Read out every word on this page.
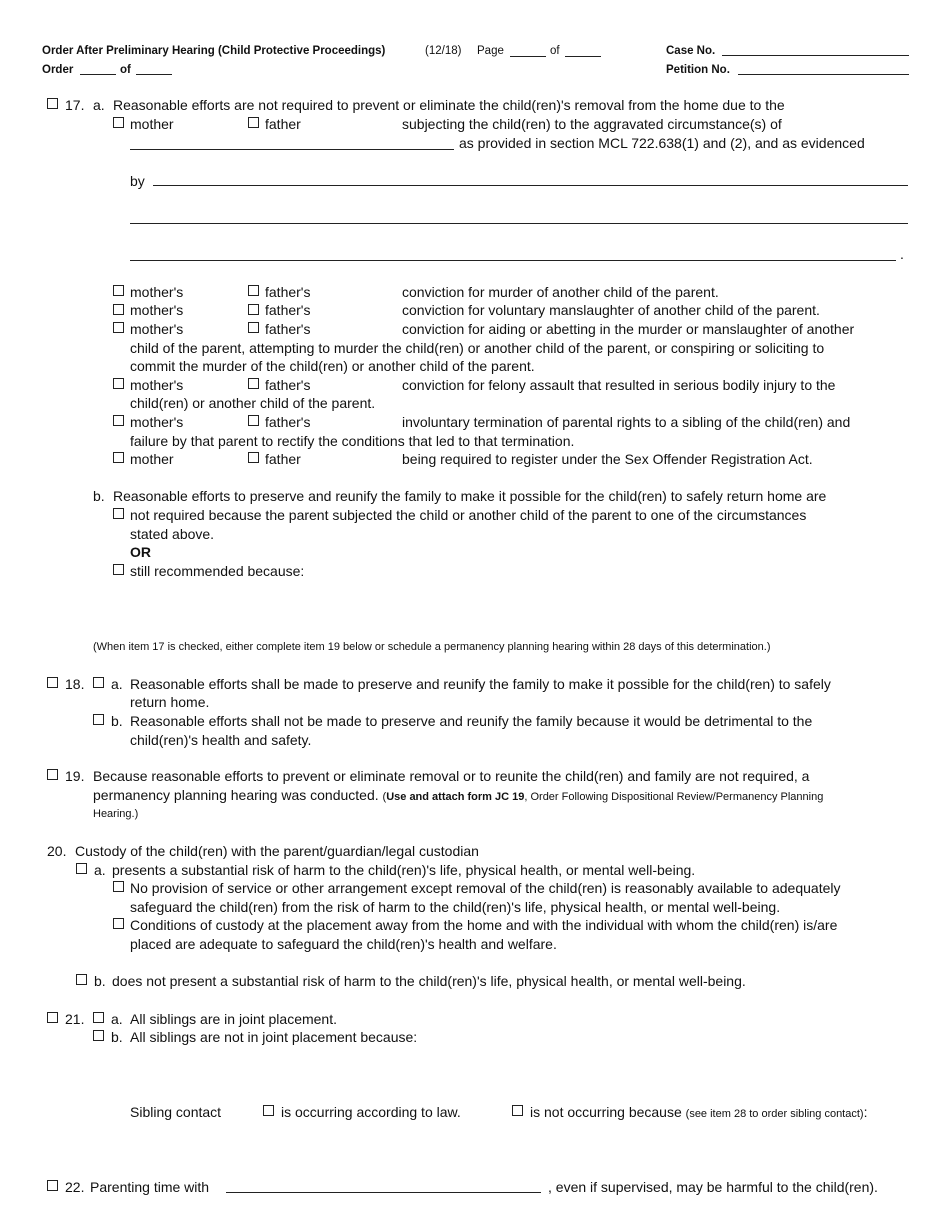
Order After Preliminary Hearing (Child Protective Proceedings)	(12/18) Page	of
Order	of
Case No.
Petition No.
17. a. Reasonable efforts are not required to prevent or eliminate the child(ren)'s removal from the home due to the
mother	father	subjecting the child(ren) to the aggravated circumstance(s) of
as provided in section MCL 722.638(1) and (2), and as evidenced
by
.
mother's	father's	conviction for murder of another child of the parent.
mother's	father's	conviction for voluntary manslaughter of another child of the parent.
mother's	father's	conviction for aiding or abetting in the murder or manslaughter of another
child of the parent, attempting to murder the child(ren) or another child of the parent, or conspiring or soliciting to
commit the murder of the child(ren) or another child of the parent.
mother's	father's	conviction for felony assault that resulted in serious bodily injury to the
child(ren) or another child of the parent.
mother's	father's	involuntary termination of parental rights to a sibling of the child(ren) and
failure by that parent to rectify the conditions that led to that termination.
mother	father	being required to register under the Sex Offender Registration Act.
b. Reasonable efforts to preserve and reunify the family to make it possible for the child(ren) to safely return home are
not required because the parent subjected the child or another child of the parent to one of the circumstances
stated above.
OR
still recommended because:
(When item 17 is checked, either complete item 19 below or schedule a permanency planning hearing within 28 days of this determination.)
18. a. Reasonable efforts shall be made to preserve and reunify the family to make it possible for the child(ren) to safely
return home.
b. Reasonable efforts shall not be made to preserve and reunify the family because it would be detrimental to the
child(ren)'s health and safety.
19. Because reasonable efforts to prevent or eliminate removal or to reunite the child(ren) and family are not required, a
permanency planning hearing was conducted. (Use and attach form JC 19, Order Following Dispositional Review/Permanency Planning
Hearing.)
20. Custody of the child(ren) with the parent/guardian/legal custodian
a. presents a substantial risk of harm to the child(ren)'s life, physical health, or mental well-being.
No provision of service or other arrangement except removal of the child(ren) is reasonably available to adequately
safeguard the child(ren) from the risk of harm to the child(ren)'s life, physical health, or mental well-being.
Conditions of custody at the placement away from the home and with the individual with whom the child(ren) is/are
placed are adequate to safeguard the child(ren)'s health and welfare.
b. does not present a substantial risk of harm to the child(ren)'s life, physical health, or mental well-being.
21. a. All siblings are in joint placement.
b. All siblings are not in joint placement because:
Sibling contact	is occurring according to law.	is not occurring because (see item 28 to order sibling contact):
22. Parenting time with	, even if supervised, may be harmful to the child(ren).
